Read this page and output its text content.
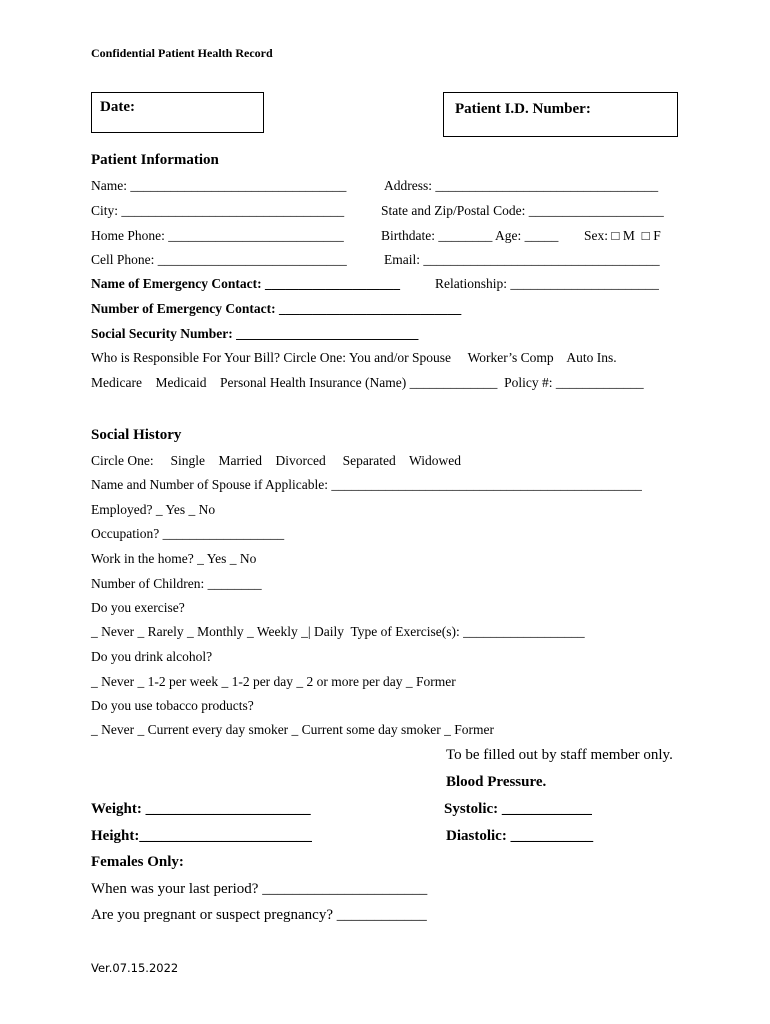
Confidential Patient Health Record
Date:	Patient I.D. Number:
Patient Information
Name: ________________________________	Address: _________________________________
City: _________________________________	State and Zip/Postal Code: ____________________
Home Phone: __________________________	Birthdate: ________ Age: _____ Sex: □ M  □ F
Cell Phone: ____________________________	Email: ___________________________________
Name of Emergency Contact: ____________________	Relationship: ______________________
Number of Emergency Contact: ___________________________
Social Security Number: ___________________________
Who is Responsible For Your Bill? Circle One: You and/or Spouse     Worker’s Comp    Auto Ins.
Medicare    Medicaid    Personal Health Insurance (Name) _____________  Policy #: _____________
Social History
Circle One:     Single    Married    Divorced     Separated    Widowed
Name and Number of Spouse if Applicable: ______________________________________________
Employed? _ Yes _ No
Occupation? __________________
Work in the home? _ Yes _ No
Number of Children: ________
Do you exercise?
_ Never _ Rarely _ Monthly _ Weekly _| Daily  Type of Exercise(s): __________________
Do you drink alcohol?
_ Never _ 1-2 per week _ 1-2 per day _ 2 or more per day _ Former
Do you use tobacco products?
_ Never _ Current every day smoker _ Current some day smoker _ Former
To be filled out by staff member only.
Blood Pressure.
Systolic: ____________
Diastolic: ___________
Weight: ______________________
Height:_______________________
Females Only:
When was your last period? ______________________
Are you pregnant or suspect pregnancy? ____________
Ver.07.15.2022
